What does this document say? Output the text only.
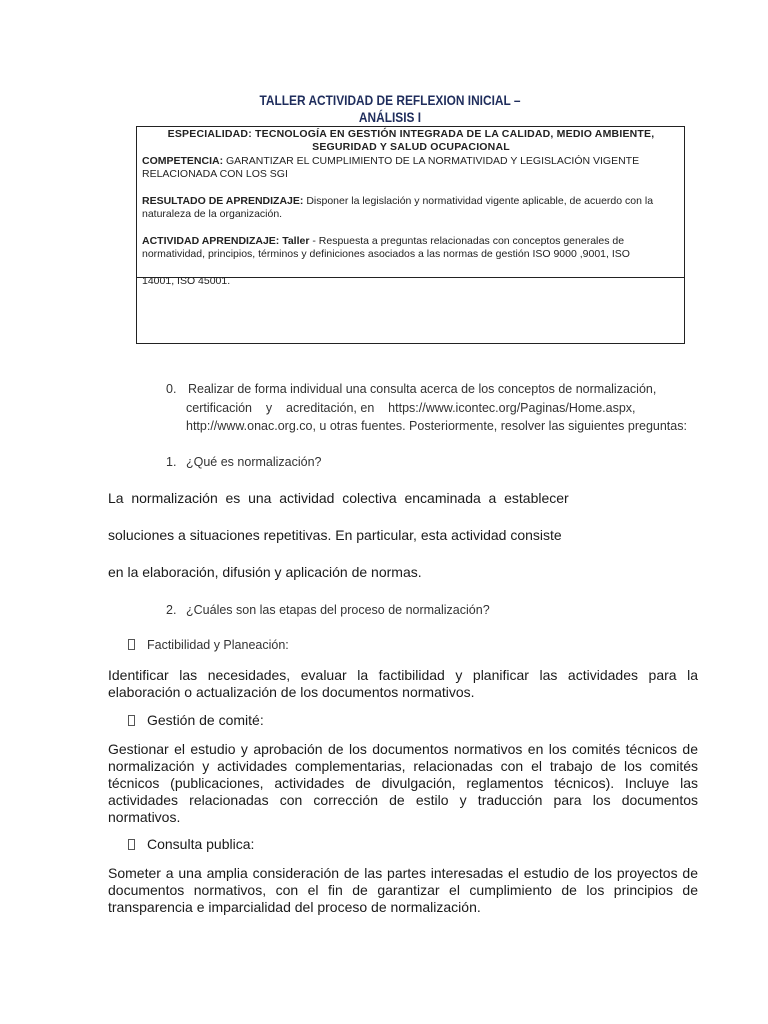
TALLER ACTIVIDAD DE REFLEXION INICIAL –
ANÁLISIS I
ESPECIALIDAD: TECNOLOGÍA EN GESTIÓN INTEGRADA DE LA CALIDAD, MEDIO AMBIENTE,
SEGURIDAD Y SALUD OCUPACIONAL
COMPETENCIA: GARANTIZAR EL CUMPLIMIENTO DE LA NORMATIVIDAD Y LEGISLACIÓN VIGENTE RELACIONADA CON LOS SGI
RESULTADO DE APRENDIZAJE: Disponer la legislación y normatividad vigente aplicable, de acuerdo con la naturaleza de la organización.
ACTIVIDAD APRENDIZAJE: Taller - Respuesta a preguntas relacionadas con conceptos generales de normatividad, principios, términos y definiciones asociados a las normas de gestión ISO 9000 ,9001, ISO
14001, ISO 45001.
0. Realizar de forma individual una consulta acerca de los conceptos de normalización,
certificación    y    acreditación, en    https://www.icontec.org/Paginas/Home.aspx,
http://www.onac.org.co, u otras fuentes. Posteriormente, resolver las siguientes preguntas:
1. ¿Qué es normalización?
La  normalización  es  una  actividad  colectiva  encaminada  a  establecer
soluciones a situaciones repetitivas. En particular, esta actividad consiste
en la elaboración, difusión y aplicación de normas.
2. ¿Cuáles son las etapas del proceso de normalización?
Factibilidad y Planeación:
Identificar las necesidades, evaluar la factibilidad y planificar las actividades para la elaboración o actualización de los documentos normativos.
Gestión de comité:
Gestionar el estudio y aprobación de los documentos normativos en los comités técnicos de normalización y actividades complementarias, relacionadas con el trabajo de los comités técnicos (publicaciones, actividades de divulgación, reglamentos técnicos). Incluye las actividades relacionadas con corrección de estilo y traducción para los documentos normativos.
Consulta publica:
Someter a una amplia consideración de las partes interesadas el estudio de los proyectos de documentos normativos, con el fin de garantizar el cumplimiento de los principios de transparencia e imparcialidad del proceso de normalización.
